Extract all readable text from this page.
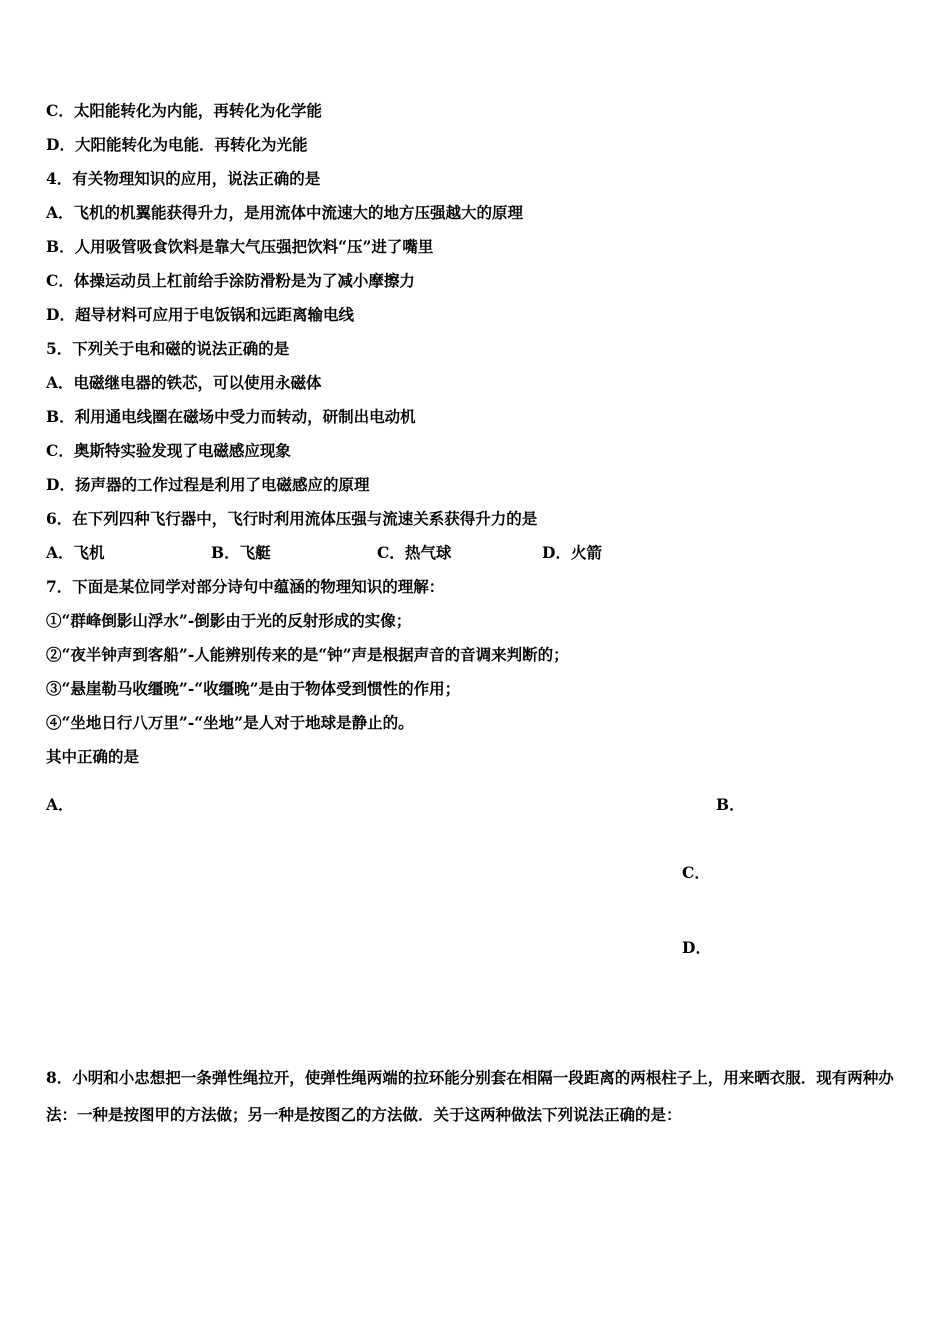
C．太阳能转化为内能，再转化为化学能
D．大阳能转化为电能．再转化为光能
4．有关物理知识的应用，说法正确的是
A．飞机的机翼能获得升力，是用流体中流速大的地方压强越大的原理
B．人用吸管吸食饮料是靠大气压强把饮料“压”进了嘴里
C．体操运动员上杠前给手涂防滑粉是为了减小摩擦力
D．超导材料可应用于电饭锅和远距离输电线
5．下列关于电和磁的说法正确的是
A．电磁继电器的铁芯，可以使用永磁体
B．利用通电线圈在磁场中受力而转动，研制出电动机
C．奥斯特实验发现了电磁感应现象
D．扬声器的工作过程是利用了电磁感应的原理
6．在下列四种飞行器中，飞行时利用流体压强与流速关系获得升力的是
A．飞机	B．飞艇	C．热气球	D．火箭
7．下面是某位同学对部分诗句中蕴涵的物理知识的理解：
①“群峰倒影山浮水”-倒影由于光的反射形成的实像；
②“夜半钟声到客船”-人能辨别传来的是“钟”声是根据声音的音调来判断的；
③“悬崖勒马收缰晚”-“收缰晚”是由于物体受到惯性的作用；
④“坐地日行八万里”-“坐地”是人对于地球是静止的。
其中正确的是
A．	B．
C．
D．
8．小明和小忠想把一条弹性绳拉开，使弹性绳两端的拉环能分别套在相隔一段距离的两根柱子上，用来晒衣服．现有两种办法：一种是按图甲的方法做；另一种是按图乙的方法做．关于这两种做法下列说法正确的是：
